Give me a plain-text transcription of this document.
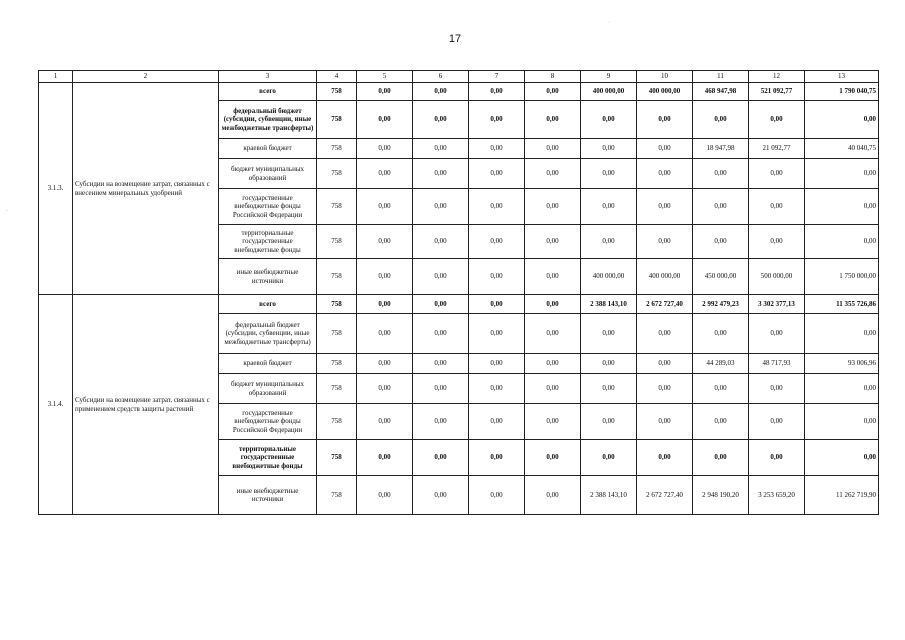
17
.
·
1	2	3	4	5	6	7	8	9	10	11	12	13
3.1.3.	Субсидии на возмещение затрат, связанных с внесением минеральных удобрений	всего	758	0,00	0,00	0,00	0,00	400 000,00	400 000,00	468 947,98	521 092,77	1 790 040,75
		федеральный бюджет (субсидии, субвенции, иные межбюджетные трансферты)	758	0,00	0,00	0,00	0,00	0,00	0,00	0,00	0,00	0,00
		краевой бюджет	758	0,00	0,00	0,00	0,00	0,00	0,00	18 947,98	21 092,77	40 040,75
		бюджет муниципальных образований	758	0,00	0,00	0,00	0,00	0,00	0,00	0,00	0,00	0,00
		государственные внебюджетные фонды Российской Федерации	758	0,00	0,00	0,00	0,00	0,00	0,00	0,00	0,00	0,00
		территориальные государственные внебюджетные фонды	758	0,00	0,00	0,00	0,00	0,00	0,00	0,00	0,00	0,00
		иные внебюджетные источники	758	0,00	0,00	0,00	0,00	400 000,00	400 000,00	450 000,00	500 000,00	1 750 000,00
3.1.4.	Субсидии на возмещение затрат, связанных с применением средств защиты растений	всего	758	0,00	0,00	0,00	0,00	2 388 143,10	2 672 727,40	2 992 479,23	3 302 377,13	11 355 726,86
		федеральный бюджет (субсидии, субвенции, иные межбюджетные трансферты)	758	0,00	0,00	0,00	0,00	0,00	0,00	0,00	0,00	0,00
		краевой бюджет	758	0,00	0,00	0,00	0,00	0,00	0,00	44 289,03	48 717,93	93 006,96
		бюджет муниципальных образований	758	0,00	0,00	0,00	0,00	0,00	0,00	0,00	0,00	0,00
		государственные внебюджетные фонды Российской Федерации	758	0,00	0,00	0,00	0,00	0,00	0,00	0,00	0,00	0,00
		территориальные государственные внебюджетные фонды	758	0,00	0,00	0,00	0,00	0,00	0,00	0,00	0,00	0,00
		иные внебюджетные источники	758	0,00	0,00	0,00	0,00	2 388 143,10	2 672 727,40	2 948 190,20	3 253 659,20	11 262 719,90
